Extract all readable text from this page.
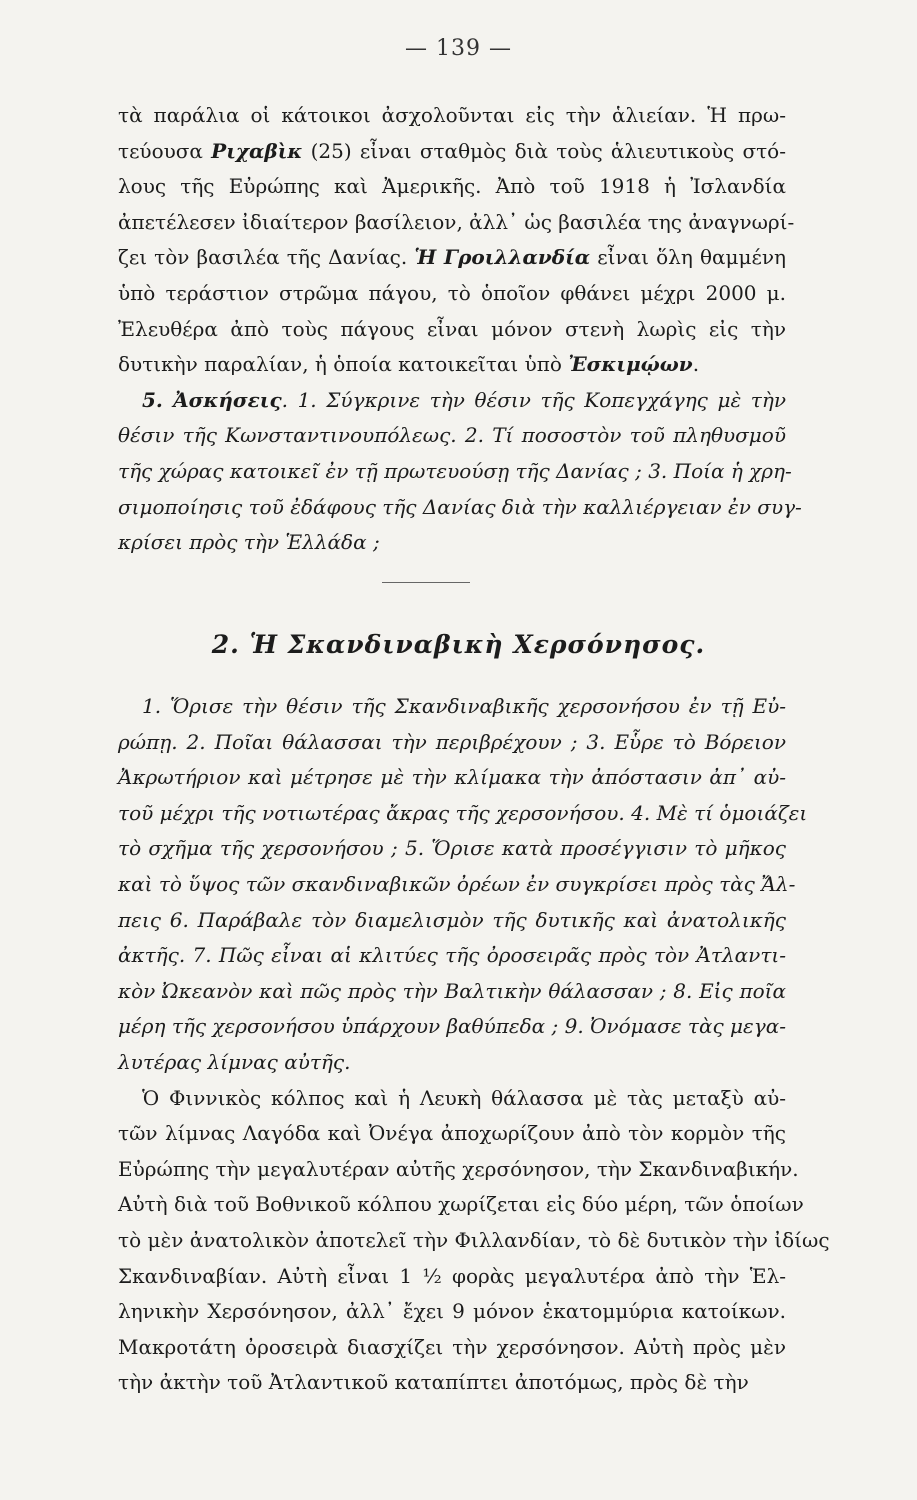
— 139 —
τὰ παράλια οἱ κάτοικοι ἀσχολοῦνται εἰς τὴν ἁλιείαν. Ἡ πρω-
τεύουσα Ριχαβὶκ (25) εἶναι σταθμὸς διὰ τοὺς ἁλιευτικοὺς στό-
λους τῆς Εὐρώπης καὶ Ἀμερικῆς. Ἀπὸ τοῦ 1918 ἡ Ἰσλανδία
ἀπετέλεσεν ἰδιαίτερον βασίλειον, ἀλλ᾽ ὡς βασιλέα της ἀναγνωρί-
ζει τὸν βασιλέα τῆς Δανίας. Ἡ Γροιλλανδία εἶναι ὅλη θαμμένη
ὑπὸ τεράστιον στρῶμα πάγου, τὸ ὁποῖον φθάνει μέχρι 2000 μ.
Ἐλευθέρα ἀπὸ τοὺς πάγους εἶναι μόνον στενὴ λωρὶς εἰς τὴν
δυτικὴν παραλίαν, ἡ ὁποία κατοικεῖται ὑπὸ Ἐσκιμῴων.
5. Ἀσκήσεις. 1. Σύγκρινε τὴν θέσιν τῆς Κοπεγχάγης μὲ τὴν
θέσιν τῆς Κωνσταντινουπόλεως. 2. Τί ποσοστὸν τοῦ πληθυσμοῦ
τῆς χώρας κατοικεῖ ἐν τῇ πρωτευούσῃ τῆς Δανίας ; 3. Ποία ἡ χρη-
σιμοποίησις τοῦ ἐδάφους τῆς Δανίας διὰ τὴν καλλιέργειαν ἐν συγ-
κρίσει πρὸς τὴν Ἑλλάδα ;
2. Ἡ Σκανδιναβικὴ Χερσόνησος.
1. Ὅρισε τὴν θέσιν τῆς Σκανδιναβικῆς χερσονήσου ἐν τῇ Εὐ-
ρώπῃ. 2. Ποῖαι θάλασσαι τὴν περιβρέχουν ; 3. Εὗρε τὸ Βόρειον
Ἀκρωτήριον καὶ μέτρησε μὲ τὴν κλίμακα τὴν ἀπόστασιν ἀπ᾽ αὐ-
τοῦ μέχρι τῆς νοτιωτέρας ἄκρας τῆς χερσονήσου. 4. Μὲ τί ὁμοιάζει
τὸ σχῆμα τῆς χερσονήσου ; 5. Ὅρισε κατὰ προσέγγισιν τὸ μῆκος
καὶ τὸ ὕψος τῶν σκανδιναβικῶν ὀρέων ἐν συγκρίσει πρὸς τὰς Ἄλ-
πεις 6. Παράβαλε τὸν διαμελισμὸν τῆς δυτικῆς καὶ ἀνατολικῆς
ἀκτῆς. 7. Πῶς εἶναι αἱ κλιτύες τῆς ὀροσειρᾶς πρὸς τὸν Ἀτλαντι-
κὸν Ὠκεανὸν καὶ πῶς πρὸς τὴν Βαλτικὴν θάλασσαν ; 8. Εἰς ποῖα
μέρη τῆς χερσονήσου ὑπάρχουν βαθύπεδα ; 9. Ὀνόμασε τὰς μεγα-
λυτέρας λίμνας αὐτῆς.
Ὁ Φιννικὸς κόλπος καὶ ἡ Λευκὴ θάλασσα μὲ τὰς μεταξὺ αὐ-
τῶν λίμνας Λαγόδα καὶ Ὀνέγα ἀποχωρίζουν ἀπὸ τὸν κορμὸν τῆς
Εὐρώπης τὴν μεγαλυτέραν αὐτῆς χερσόνησον, τὴν Σκανδιναβικήν.
Αὐτὴ διὰ τοῦ Βοθνικοῦ κόλπου χωρίζεται εἰς δύο μέρη, τῶν ὁποίων
τὸ μὲν ἀνατολικὸν ἀποτελεῖ τὴν Φιλλανδίαν, τὸ δὲ δυτικὸν τὴν ἰδίως
Σκανδιναβίαν. Αὐτὴ εἶναι 1 ½ φορὰς μεγαλυτέρα ἀπὸ τὴν Ἑλ-
ληνικὴν Χερσόνησον, ἀλλ᾽ ἔχει 9 μόνον ἑκατομμύρια κατοίκων.
Μακροτάτη ὀροσειρὰ διασχίζει τὴν χερσόνησον. Αὐτὴ πρὸς μὲν
τὴν ἀκτὴν τοῦ Ἀτλαντικοῦ καταπίπτει ἀποτόμως, πρὸς δὲ τὴν
